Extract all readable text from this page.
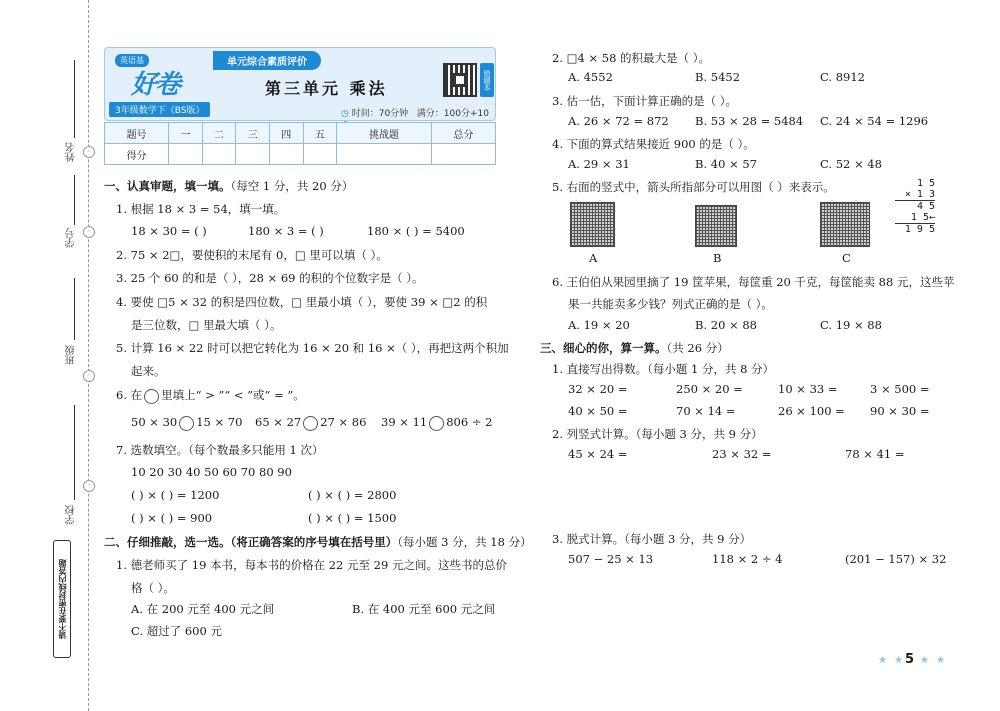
姓名
学号
班级
学校
◦
◦
◦
◦
请不要在密封线内答题
英语基
好卷
3年级数学下（BS版）
单元综合素质评价
第三单元 乘法
◷ 时间：70分钟 满分：100分+10
错题本
题号	一	二	三	四	五	挑战题	总分
得分							
一、认真审题，填一填。（每空 1 分，共 20 分）
1. 根据 18 × 3 = 54，填一填。
18 × 30 = ( )	180 × 3 = ( )	180 × ( ) = 5400
2. 75 × 2□，要使积的末尾有 0，□ 里可以填（ ）。
3. 25 个 60 的和是（ ），28 × 69 的积的个位数字是（ ）。
4. 要使 □5 × 32 的积是四位数，□ 里最小填（ ），要使 39 × □2 的积
是三位数，□ 里最大填（ ）。
5. 计算 16 × 22 时可以把它转化为 16 × 20 和 16 ×（ ），再把这两个积加
起来。
6. 在 里填上“ > ”“ < ”或“ = ”。
50 × 30 15 × 70 65 × 27 27 × 86 39 × 11 806 ÷ 2
7. 选数填空。（每个数最多只能用 1 次）
10 20 30 40 50 60 70 80 90
( ) × ( ) = 1200	( ) × ( ) = 2800
( ) × ( ) = 900	( ) × ( ) = 1500
二、仔细推敲，选一选。（将正确答案的序号填在括号里）（每小题 3 分，共 18 分）
1. 德老师买了 19 本书，每本书的价格在 22 元至 29 元之间。这些书的总价
格（ ）。
A. 在 200 元至 400 元之间	B. 在 400 元至 600 元之间
C. 超过了 600 元
2. □4 × 58 的积最大是（ ）。
A. 4552	B. 5452	C. 8912
3. 估一估，下面计算正确的是（ ）。
A. 26 × 72 = 872 B. 53 × 28 = 5484 C. 24 × 54 = 1296
4. 下面的算式结果接近 900 的是（ ）。
A. 29 × 31	B. 40 × 57	C. 52 × 48
5. 右面的竖式中，箭头所指部分可以用图（ ）来表示。	1 5
× 1 3
4 5
1 5←
1 9 5
A	B	C
6. 王伯伯从果园里摘了 19 筐苹果，每筐重 20 千克，每筐能卖 88 元，这些苹
果一共能卖多少钱？列式正确的是（ ）。
A. 19 × 20	B. 20 × 88	C. 19 × 88
三、细心的你，算一算。（共 26 分）
1. 直接写出得数。（每小题 1 分，共 8 分）
32 × 20 =	250 × 20 =	10 × 33 =	3 × 500 =
40 × 50 =	70 × 14 =	26 × 100 = 90 × 30 =
2. 列竖式计算。（每小题 3 分，共 9 分）
45 × 24 =	23 × 32 =	78 × 41 =
3. 脱式计算。（每小题 3 分，共 9 分）
507 − 25 × 13	118 × 2 ÷ 4	(201 − 157) × 32
★ ★ 5 ★ ★
